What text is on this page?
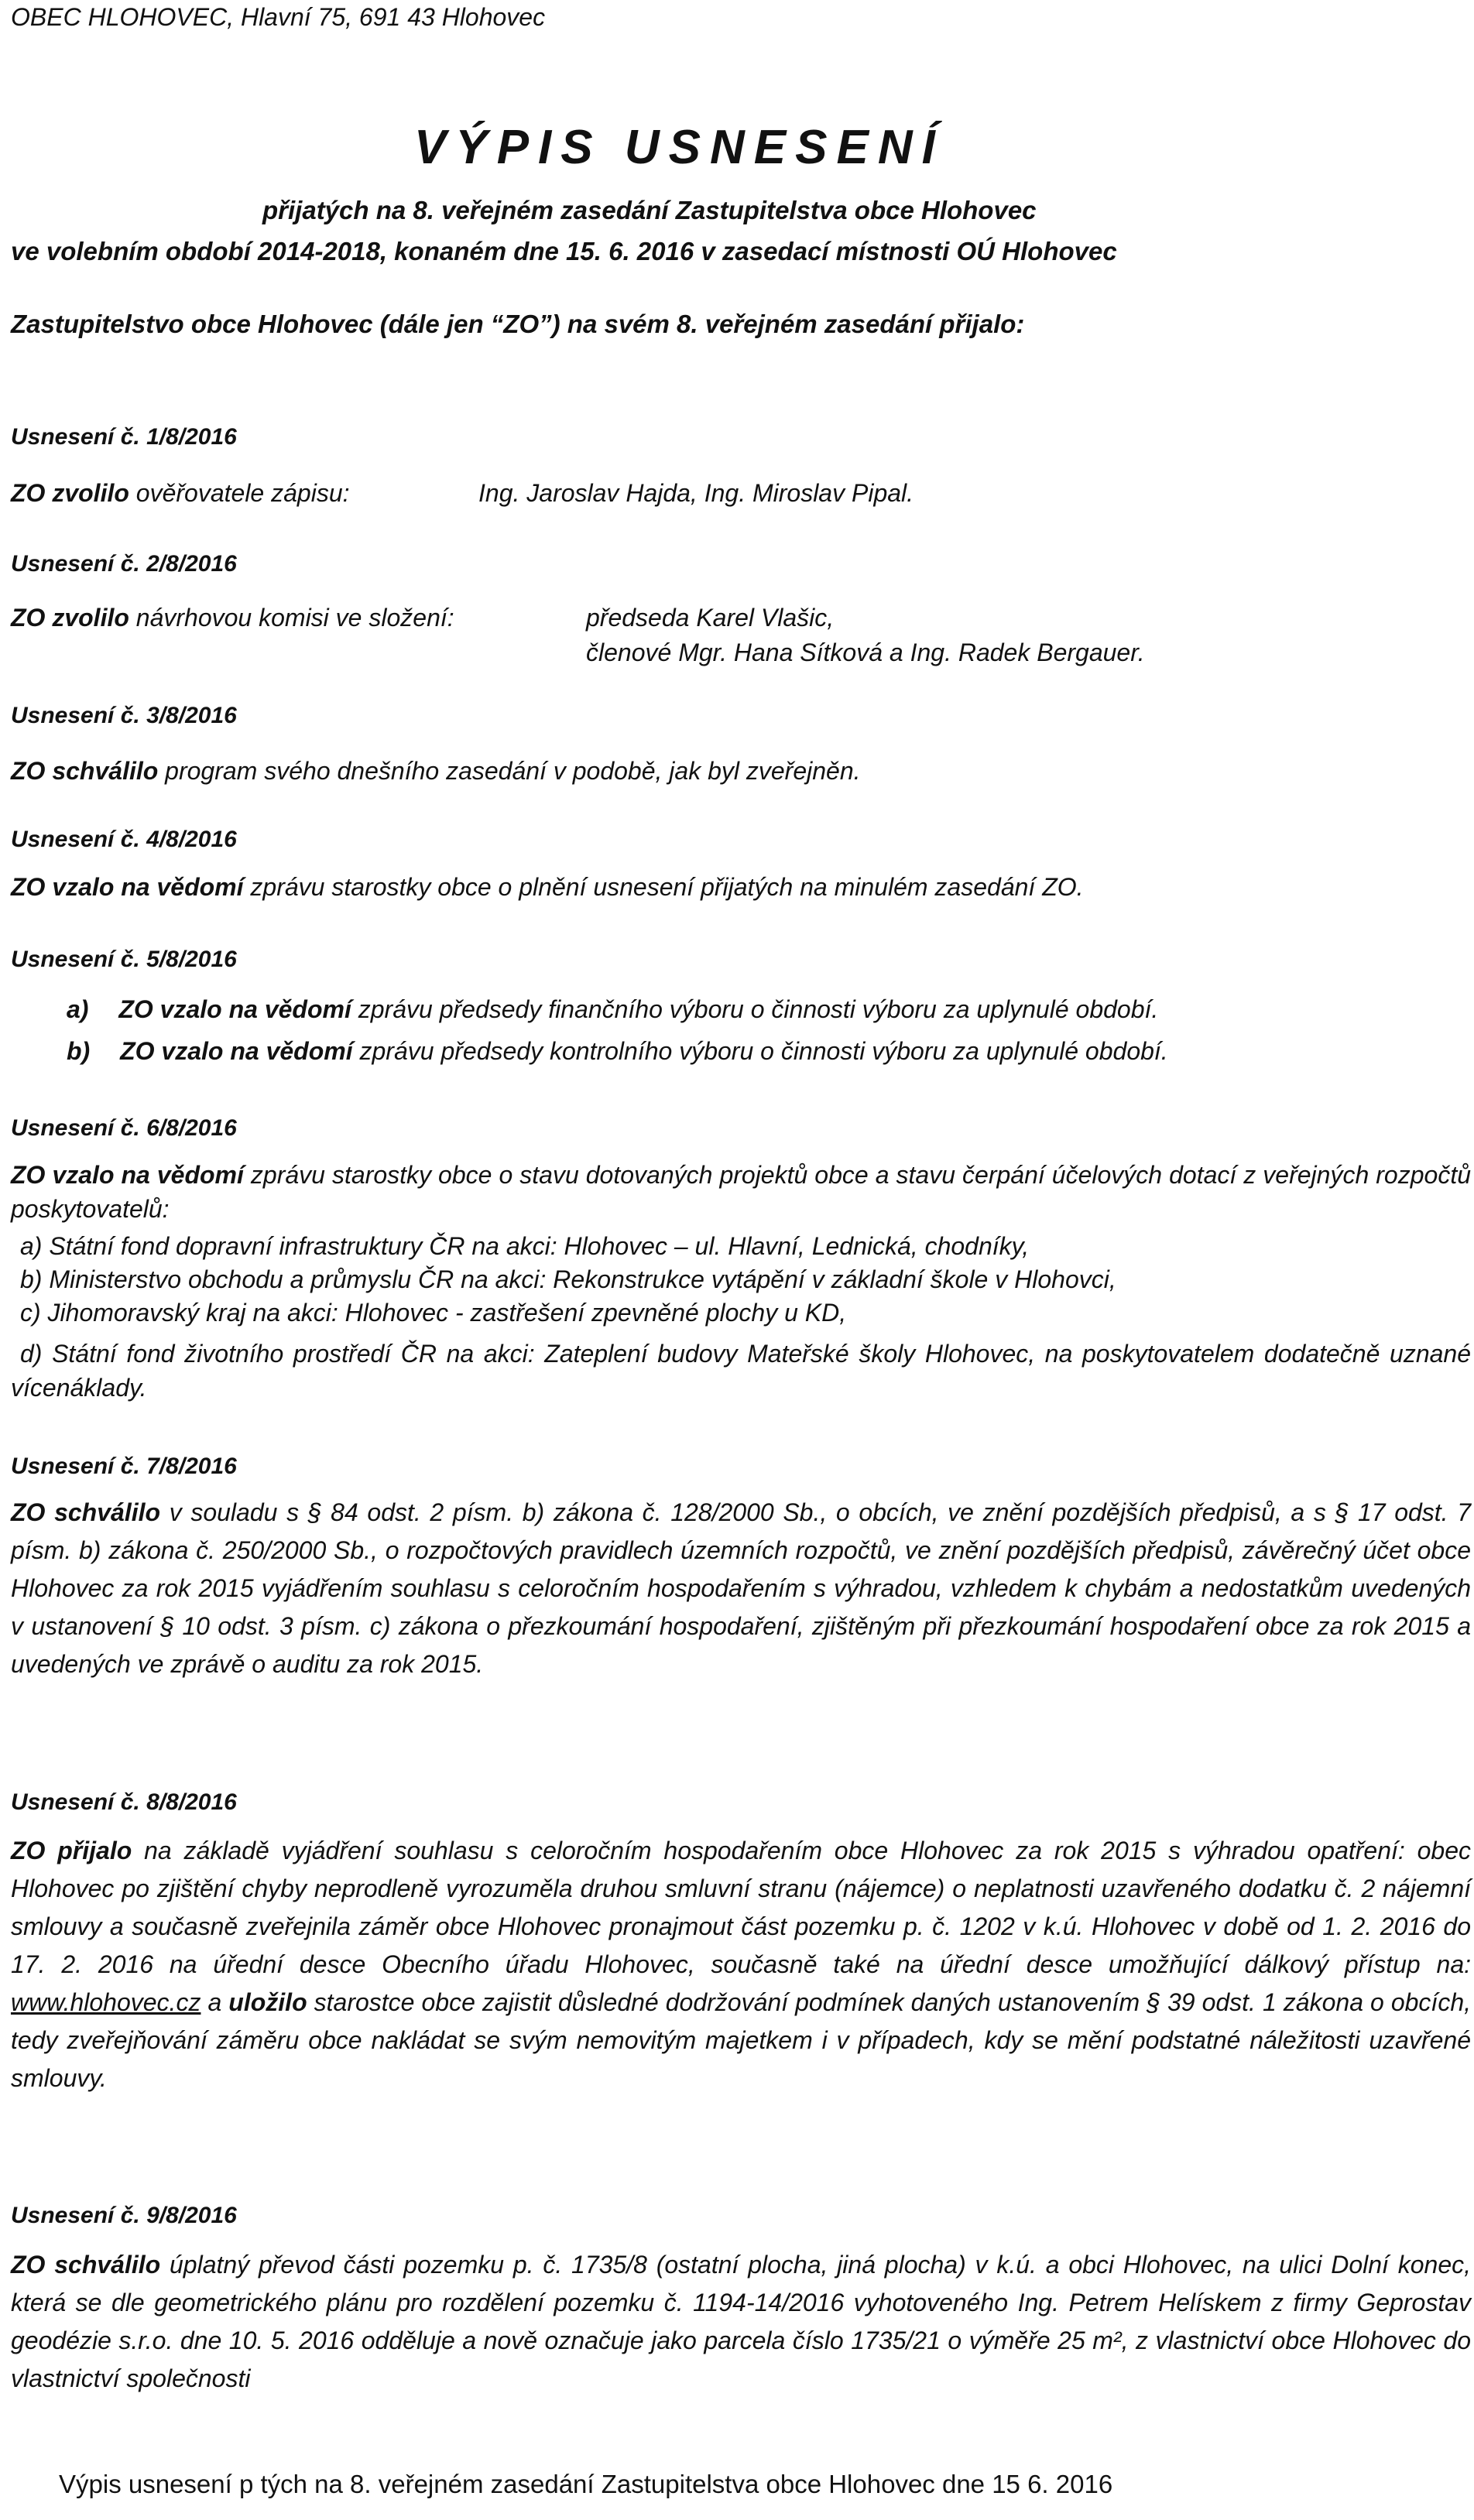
OBEC HLOHOVEC, Hlavní 75, 691 43 Hlohovec
VÝPIS USNESENÍ
přijatých na 8. veřejném zasedání Zastupitelstva obce Hlohovec
ve volebním období 2014-2018, konaném dne 15. 6. 2016 v zasedací místnosti OÚ Hlohovec
Zastupitelstvo obce Hlohovec (dále jen “ZO”) na svém 8. veřejném zasedání přijalo:
Usnesení č. 1/8/2016
ZO zvolilo ověřovatele zápisu:	Ing. Jaroslav Hajda, Ing. Miroslav Pipal.
Usnesení č. 2/8/2016
ZO zvolilo návrhovou komisi ve složení:	předseda Karel Vlašic,
členové Mgr. Hana Sítková a Ing. Radek Bergauer.
Usnesení č. 3/8/2016
ZO schválilo program svého dnešního zasedání v podobě, jak byl zveřejněn.
Usnesení č. 4/8/2016
ZO vzalo na vědomí zprávu starostky obce o plnění usnesení přijatých na minulém zasedání ZO.
Usnesení č. 5/8/2016
a) ZO vzalo na vědomí zprávu předsedy finančního výboru o činnosti výboru za uplynulé období.
b) ZO vzalo na vědomí zprávu předsedy kontrolního výboru o činnosti výboru za uplynulé období.
Usnesení č. 6/8/2016
ZO vzalo na vědomí zprávu starostky obce o stavu dotovaných projektů obce a stavu čerpání účelových dotací z veřejných rozpočtů poskytovatelů:
a) Státní fond dopravní infrastruktury ČR na akci: Hlohovec – ul. Hlavní, Lednická, chodníky,
b) Ministerstvo obchodu a průmyslu ČR na akci: Rekonstrukce vytápění v základní škole v Hlohovci,
c) Jihomoravský kraj na akci: Hlohovec - zastřešení zpevněné plochy u KD,
d) Státní fond životního prostředí ČR na akci: Zateplení budovy Mateřské školy Hlohovec, na poskytovatelem dodatečně uznané vícenáklady.
Usnesení č. 7/8/2016
ZO schválilo v souladu s § 84 odst. 2 písm. b) zákona č. 128/2000 Sb., o obcích, ve znění pozdějších předpisů, a s § 17 odst. 7 písm. b) zákona č. 250/2000 Sb., o rozpočtových pravidlech územních rozpočtů, ve znění pozdějších předpisů, závěrečný účet obce Hlohovec za rok 2015 vyjádřením souhlasu s celoročním hospodařením s výhradou, vzhledem k chybám a nedostatkům uvedených v ustanovení § 10 odst. 3 písm. c) zákona o přezkoumání hospodaření, zjištěným při přezkoumání hospodaření obce za rok 2015 a uvedených ve zprávě o auditu za rok 2015.
Usnesení č. 8/8/2016
ZO přijalo na základě vyjádření souhlasu s celoročním hospodařením obce Hlohovec za rok 2015 s výhradou opatření: obec Hlohovec po zjištění chyby neprodleně vyrozuměla druhou smluvní stranu (nájemce) o neplatnosti uzavřeného dodatku č. 2 nájemní smlouvy a současně zveřejnila záměr obce Hlohovec pronajmout část pozemku p. č. 1202 v k.ú. Hlohovec v době od 1. 2. 2016 do 17. 2. 2016 na úřední desce Obecního úřadu Hlohovec, současně také na úřední desce umožňující dálkový přístup na: www.hlohovec.cz a uložilo starostce obce zajistit důsledné dodržování podmínek daných ustanovením § 39 odst. 1 zákona o obcích, tedy zveřejňování záměru obce nakládat se svým nemovitým majetkem i v případech, kdy se mění podstatné náležitosti uzavřené smlouvy.
Usnesení č. 9/8/2016
ZO schválilo úplatný převod části pozemku p. č. 1735/8 (ostatní plocha, jiná plocha) v k.ú. a obci Hlohovec, na ulici Dolní konec, která se dle geometrického plánu pro rozdělení pozemku č. 1194-14/2016 vyhotoveného Ing. Petrem Helískem z firmy Geprostav geodézie s.r.o. dne 10. 5. 2016 odděluje a nově označuje jako parcela číslo 1735/21 o výměře 25 m², z vlastnictví obce Hlohovec do vlastnictví společnosti
Výpis usnesení p tých na 8. veřejném zasedání Zastupitelstva obce Hlohovec dne 15 6. 2016
